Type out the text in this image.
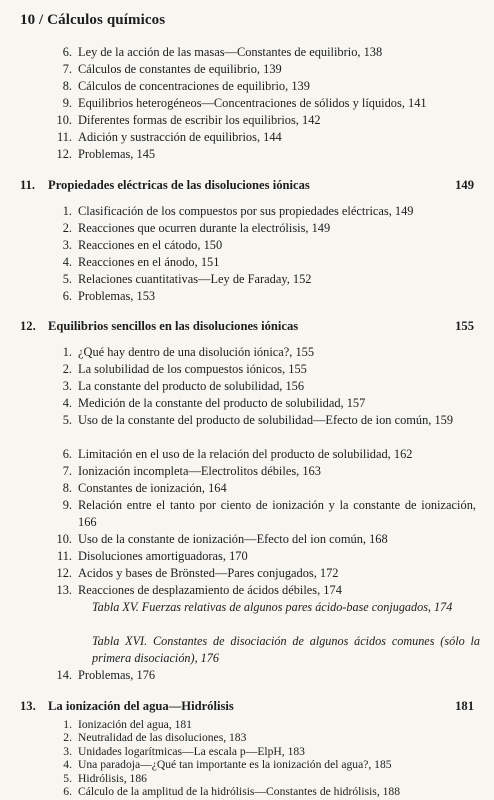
10 / Cálculos químicos
6. Ley de la acción de las masas—Constantes de equilibrio, 138
7. Cálculos de constantes de equilibrio, 139
8. Cálculos de concentraciones de equilibrio, 139
9. Equilibrios heterogéneos—Concentraciones de sólidos y líquidos, 141
10. Diferentes formas de escribir los equilibrios, 142
11. Adición y sustracción de equilibrios, 144
12. Problemas, 145
11. Propiedades eléctricas de las disoluciones iónicas	149
1. Clasificación de los compuestos por sus propiedades eléctricas, 149
2. Reacciones que ocurren durante la electrólisis, 149
3. Reacciones en el cátodo, 150
4. Reacciones en el ánodo, 151
5. Relaciones cuantitativas—Ley de Faraday, 152
6. Problemas, 153
12. Equilibrios sencillos en las disoluciones iónicas	155
1. ¿Qué hay dentro de una disolución iónica?, 155
2. La solubilidad de los compuestos iónicos, 155
3. La constante del producto de solubilidad, 156
4. Medición de la constante del producto de solubilidad, 157
5. Uso de la constante del producto de solubilidad—Efecto de ion común, 159
6. Limitación en el uso de la relación del producto de solubilidad, 162
7. Ionización incompleta—Electrolitos débiles, 163
8. Constantes de ionización, 164
9. Relación entre el tanto por ciento de ionización y la constante de ionización, 166
10. Uso de la constante de ionización—Efecto del ion común, 168
11. Disoluciones amortiguadoras, 170
12. Acidos y bases de Brönsted—Pares conjugados, 172
13. Reacciones de desplazamiento de ácidos débiles, 174
Tabla XV. Fuerzas relativas de algunos pares ácido-base conjugados, 174
Tabla XVI. Constantes de disociación de algunos ácidos comunes (sólo la primera disociación), 176
14. Problemas, 176
13. La ionización del agua—Hidrólisis	181
1. Ionización del agua, 181
2. Neutralidad de las disoluciones, 183
3. Unidades logarítmicas—La escala p—ElpH, 183
4. Una paradoja—¿Qué tan importante es la ionización del agua?, 185
5. Hidrólisis, 186
6. Cálculo de la amplitud de la hidrólisis—Constantes de hidrólisis, 188
